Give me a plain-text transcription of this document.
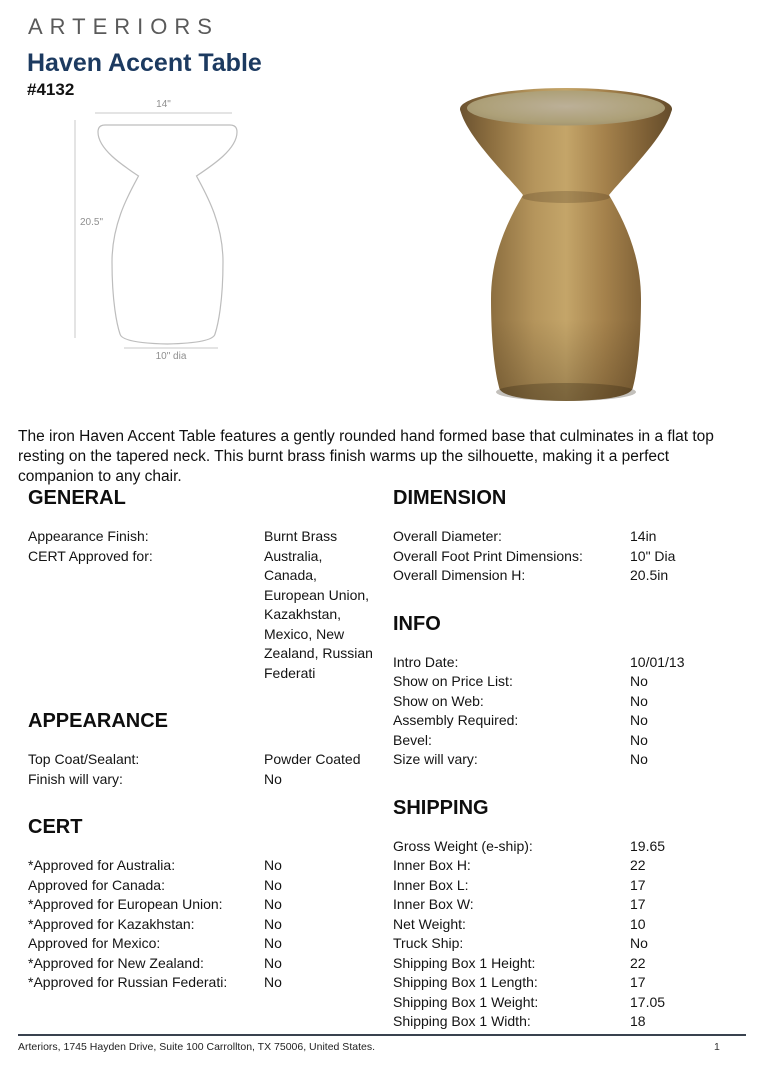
ARTERIORS
Haven Accent Table
#4132
14"
20.5"
10" dia

The iron Haven Accent Table features a gently rounded hand formed base that culminates in a flat top resting on the tapered neck. This burnt brass finish warms up the silhouette, making it a perfect companion to any chair.

GENERAL
Appearance Finish:	Burnt Brass
CERT Approved for:	Australia, Canada, European Union, Kazakhstan, Mexico, New Zealand, Russian Federati
APPEARANCE
Top Coat/Sealant:	Powder Coated
Finish will vary:	No
CERT
*Approved for Australia:	No
Approved for Canada:	No
*Approved for European Union:	No
*Approved for Kazakhstan:	No
Approved for Mexico:	No
*Approved for New Zealand:	No
*Approved for Russian Federati:	No
DIMENSION
Overall Diameter:	14in
Overall Foot Print Dimensions:	10" Dia
Overall Dimension H:	20.5in
INFO
Intro Date:	10/01/13
Show on Price List:	No
Show on Web:	No
Assembly Required:	No
Bevel:	No
Size will vary:	No
SHIPPING
Gross Weight (e-ship):	19.65
Inner Box H:	22
Inner Box L:	17
Inner Box W:	17
Net Weight:	10
Truck Ship:	No
Shipping Box 1 Height:	22
Shipping Box 1 Length:	17
Shipping Box 1 Weight:	17.05
Shipping Box 1 Width:	18
Arteriors, 1745 Hayden Drive, Suite 100 Carrollton, TX 75006, United States.	1
